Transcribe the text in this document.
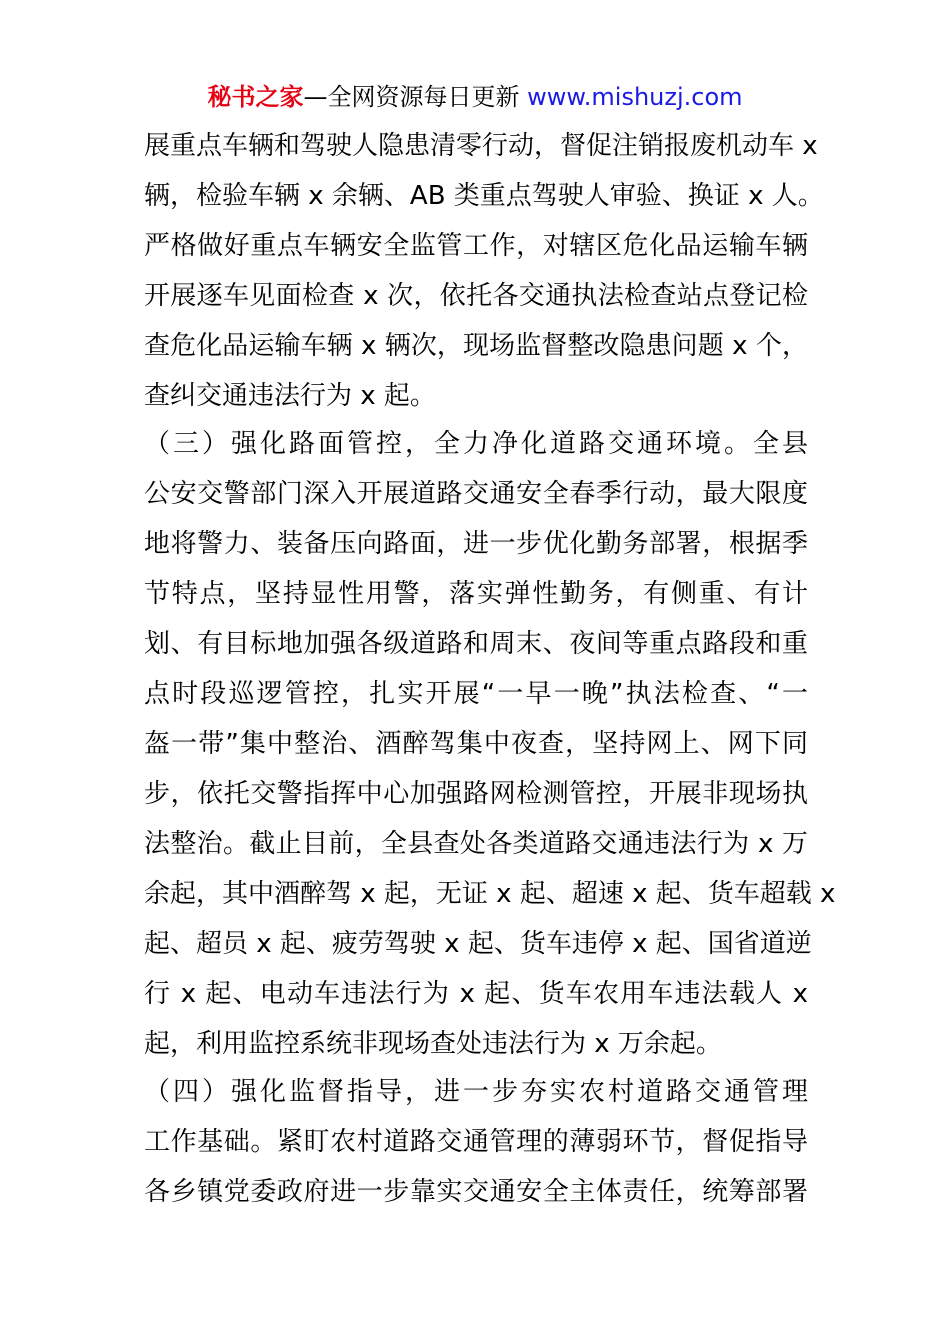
秘书之家—全网资源每日更新 www.mishuzj.com
展重点车辆和驾驶人隐患清零行动，督促注销报废机动车 x
辆，检验车辆 x 余辆、AB 类重点驾驶人审验、换证 x 人。
严格做好重点车辆安全监管工作，对辖区危化品运输车辆
开展逐车见面检查 x 次，依托各交通执法检查站点登记检
查危化品运输车辆 x 辆次，现场监督整改隐患问题 x 个，
查纠交通违法行为 x 起。
（三）强化路面管控，全力净化道路交通环境。全县
公安交警部门深入开展道路交通安全春季行动，最大限度
地将警力、装备压向路面，进一步优化勤务部署，根据季
节特点，坚持显性用警，落实弹性勤务，有侧重、有计
划、有目标地加强各级道路和周末、夜间等重点路段和重
点时段巡逻管控，扎实开展“一早一晚”执法检查、“一
盔一带”集中整治、酒醉驾集中夜查，坚持网上、网下同
步，依托交警指挥中心加强路网检测管控，开展非现场执
法整治。截止目前，全县查处各类道路交通违法行为 x 万
余起，其中酒醉驾 x 起，无证 x 起、超速 x 起、货车超载 x
起、超员 x 起、疲劳驾驶 x 起、货车违停 x 起、国省道逆
行 x 起、电动车违法行为 x 起、货车农用车违法载人 x
起，利用监控系统非现场查处违法行为 x 万余起。
（四）强化监督指导，进一步夯实农村道路交通管理
工作基础。紧盯农村道路交通管理的薄弱环节，督促指导
各乡镇党委政府进一步靠实交通安全主体责任，统筹部署
